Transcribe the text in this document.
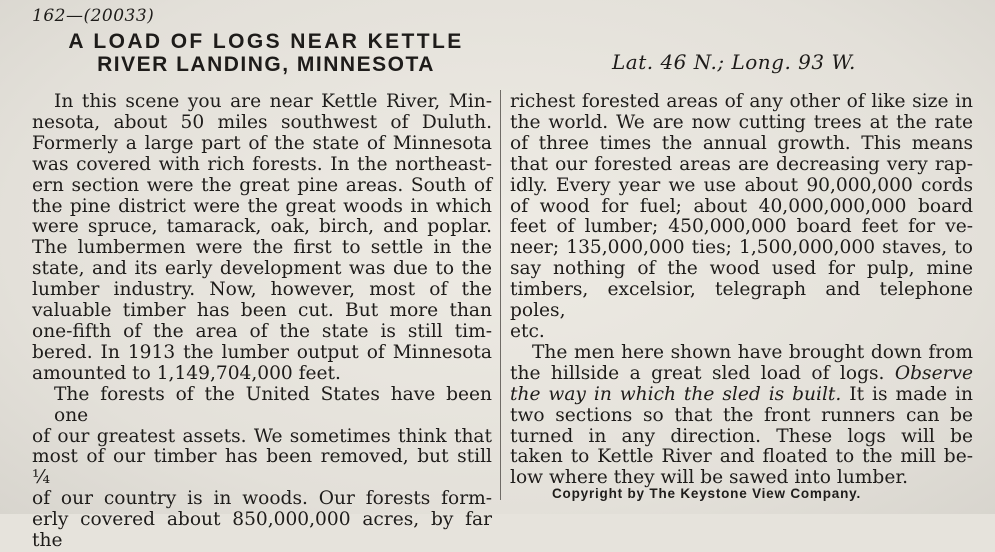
162—(20033)
A LOAD OF LOGS NEAR KETTLE
RIVER LANDING, MINNESOTA	Lat. 46 N.; Long. 93 W.
In this scene you are near Kettle River, Min-
nesota, about 50 miles southwest of Duluth.
Formerly a large part of the state of Minnesota
was covered with rich forests. In the northeast-
ern section were the great pine areas. South of
the pine district were the great woods in which
were spruce, tamarack, oak, birch, and poplar.
The lumbermen were the first to settle in the
state, and its early development was due to the
lumber industry. Now, however, most of the
valuable timber has been cut. But more than
one-fifth of the area of the state is still tim-
bered. In 1913 the lumber output of Minnesota
amounted to 1,149,704,000 feet.
The forests of the United States have been one
of our greatest assets. We sometimes think that
most of our timber has been removed, but still ¼
of our country is in woods. Our forests form-
erly covered about 850,000,000 acres, by far the
richest forested areas of any other of like size in
the world. We are now cutting trees at the rate
of three times the annual growth. This means
that our forested areas are decreasing very rap-
idly. Every year we use about 90,000,000 cords
of wood for fuel; about 40,000,000,000 board
feet of lumber; 450,000,000 board feet for ve-
neer; 135,000,000 ties; 1,500,000,000 staves, to
say nothing of the wood used for pulp, mine
timbers, excelsior, telegraph and telephone poles,
etc.
The men here shown have brought down from
the hillside a great sled load of logs. Observe
the way in which the sled is built. It is made in
two sections so that the front runners can be
turned in any direction. These logs will be
taken to Kettle River and floated to the mill be-
low where they will be sawed into lumber.
Copyright by The Keystone View Company.
